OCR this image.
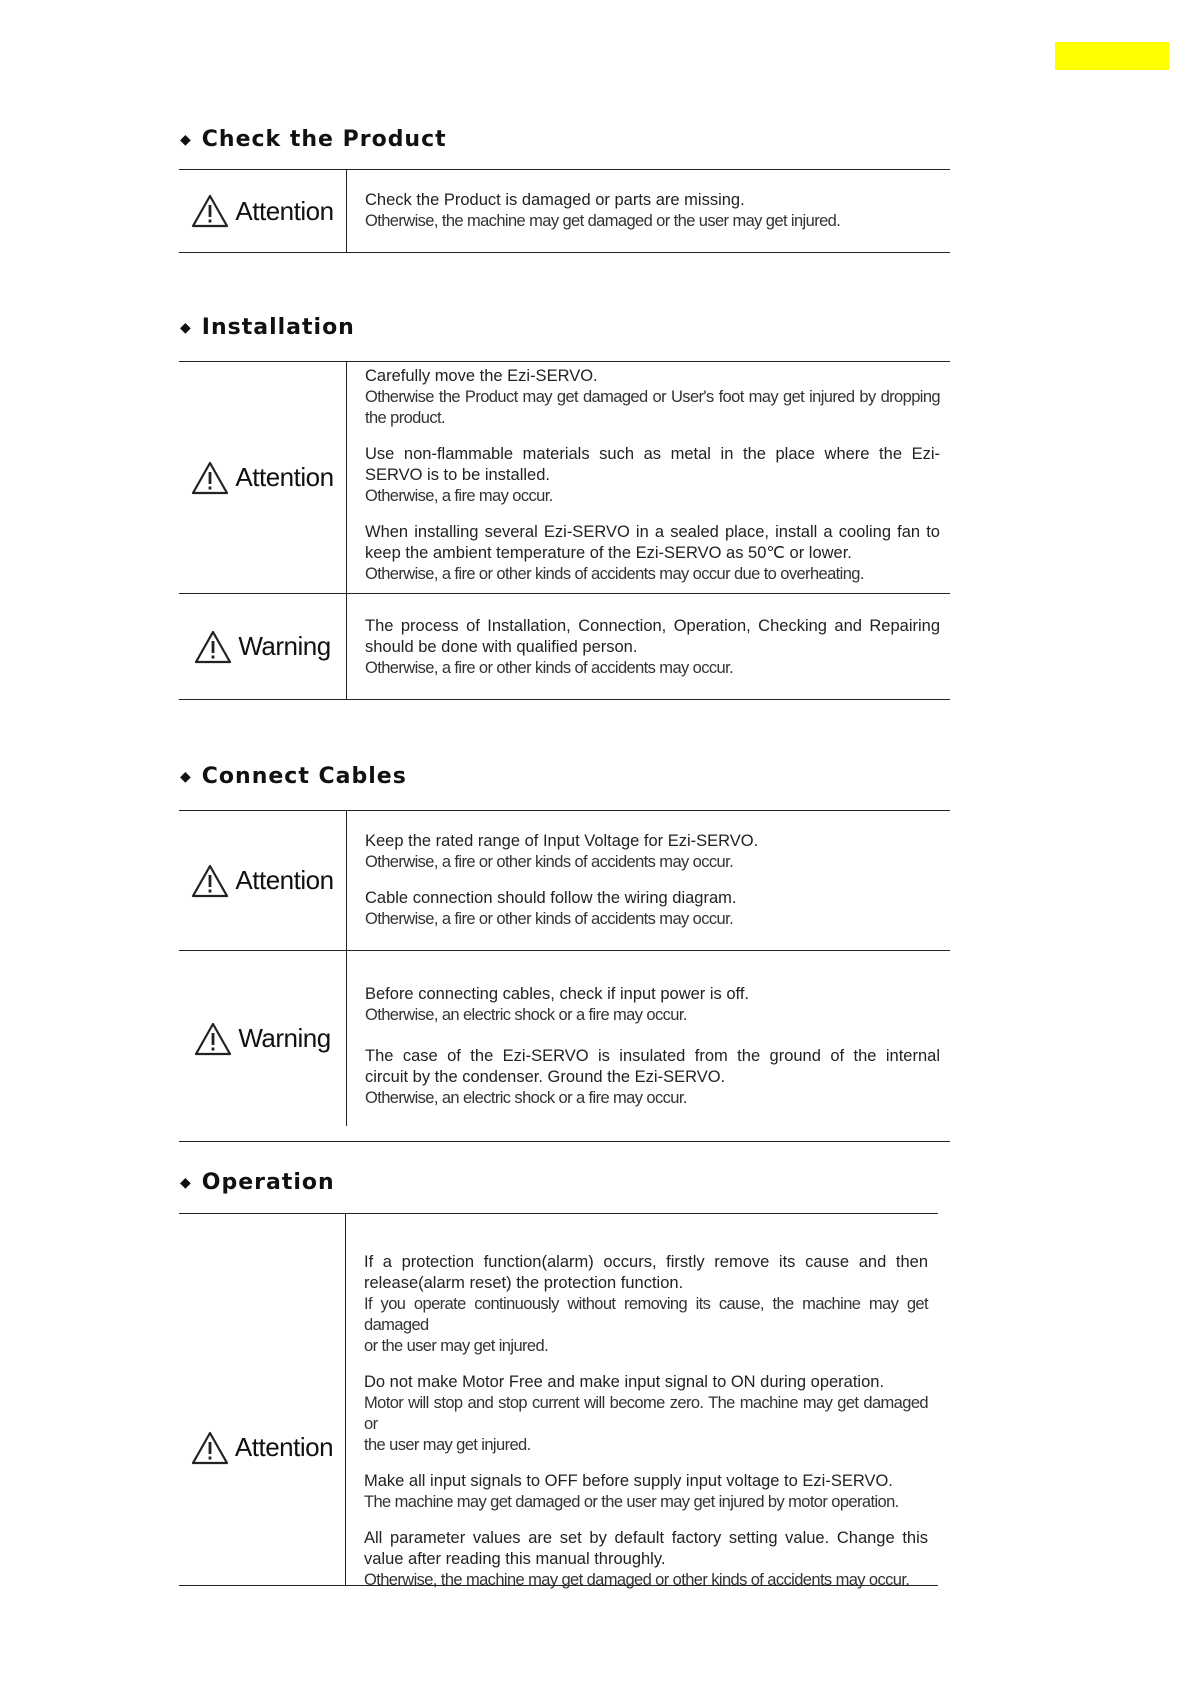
◆ Check the Product
Attention Check the Product is damaged or parts are missing.
Otherwise, the machine may get damaged or the user may get injured.
◆ Installation
Attention
Carefully move the Ezi-SERVO.
Otherwise the Product may get damaged or User's foot may get injured by dropping
the product.
Use non-flammable materials such as metal in the place where the Ezi-
SERVO is to be installed.
Otherwise, a fire may occur.
When installing several Ezi-SERVO in a sealed place, install a cooling fan to
keep the ambient temperature of the Ezi-SERVO as 50℃ or lower.
Otherwise, a fire or other kinds of accidents may occur due to overheating.
Warning
The process of Installation, Connection, Operation, Checking and Repairing
should be done with qualified person.
Otherwise, a fire or other kinds of accidents may occur.
◆ Connect Cables
Attention
Keep the rated range of Input Voltage for Ezi-SERVO.
Otherwise, a fire or other kinds of accidents may occur.
Cable connection should follow the wiring diagram.
Otherwise, a fire or other kinds of accidents may occur.
Warning
Before connecting cables, check if input power is off.
Otherwise, an electric shock or a fire may occur.
The case of the Ezi-SERVO is insulated from the ground of the internal
circuit by the condenser. Ground the Ezi-SERVO.
Otherwise, an electric shock or a fire may occur.
◆ Operation
Attention
If a protection function(alarm) occurs, firstly remove its cause and then
release(alarm reset) the protection function.
If you operate continuously without removing its cause, the machine may get damaged
or the user may get injured.
Do not make Motor Free and make input signal to ON during operation.
Motor will stop and stop current will become zero. The machine may get damaged or
the user may get injured.
Make all input signals to OFF before supply input voltage to Ezi-SERVO.
The machine may get damaged or the user may get injured by motor operation.
All parameter values are set by default factory setting value. Change this
value after reading this manual throughly.
Otherwise, the machine may get damaged or other kinds of accidents may occur.
